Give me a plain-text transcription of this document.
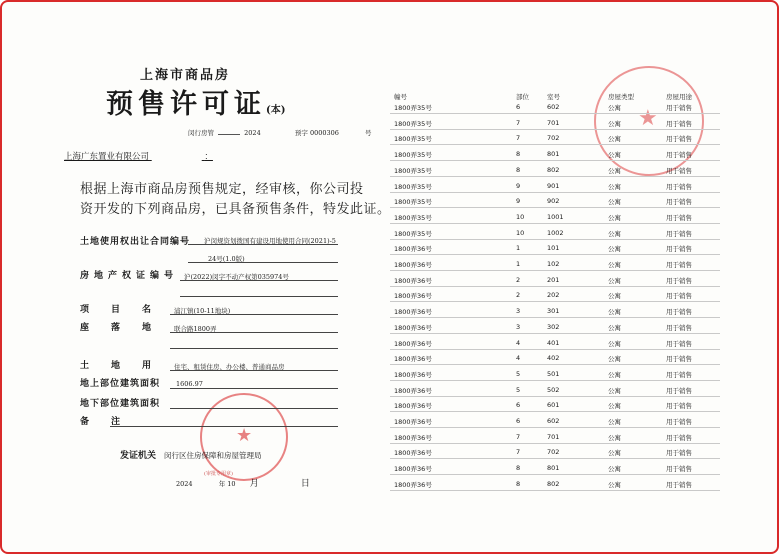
★
★
上海市商品房
预售许可证(本)
闵行房管	2024	预字 0000306	号
上海广东置业有限公司	：
根据上海市商品房预售规定，经审核，你公司投
资开发的下列商品房，已具备预售条件，特发此证。
土地使用权出让合同编号 沪闵规资划拨国有建设用地使用合同(2021)-5
24号(1.0版)
房地产权证编号 沪(2022)闵字不动产权第035974号
项目名 浦江镇(10-11地块)
座落地 联合路1800弄
土地用 住宅、租赁住房、办公楼、普通商品房
地上部位建筑面积 1606.97
地下部位建筑面积
备注
发证机关 闵行区住房保障和房屋管理局
2024	年 10 月	日
(审批专用章)
幢号	部位	室号	房屋类型	房屋用途
1800弄35号	6	602	公寓	用于销售
1800弄35号	7	701	公寓	用于销售
1800弄35号	7	702	公寓	用于销售
1800弄35号	8	801	公寓	用于销售
1800弄35号	8	802	公寓	用于销售
1800弄35号	9	901	公寓	用于销售
1800弄35号	9	902	公寓	用于销售
1800弄35号	10	1001	公寓	用于销售
1800弄35号	10	1002	公寓	用于销售
1800弄36号	1	101	公寓	用于销售
1800弄36号	1	102	公寓	用于销售
1800弄36号	2	201	公寓	用于销售
1800弄36号	2	202	公寓	用于销售
1800弄36号	3	301	公寓	用于销售
1800弄36号	3	302	公寓	用于销售
1800弄36号	4	401	公寓	用于销售
1800弄36号	4	402	公寓	用于销售
1800弄36号	5	501	公寓	用于销售
1800弄36号	5	502	公寓	用于销售
1800弄36号	6	601	公寓	用于销售
1800弄36号	6	602	公寓	用于销售
1800弄36号	7	701	公寓	用于销售
1800弄36号	7	702	公寓	用于销售
1800弄36号	8	801	公寓	用于销售
1800弄36号	8	802	公寓	用于销售
